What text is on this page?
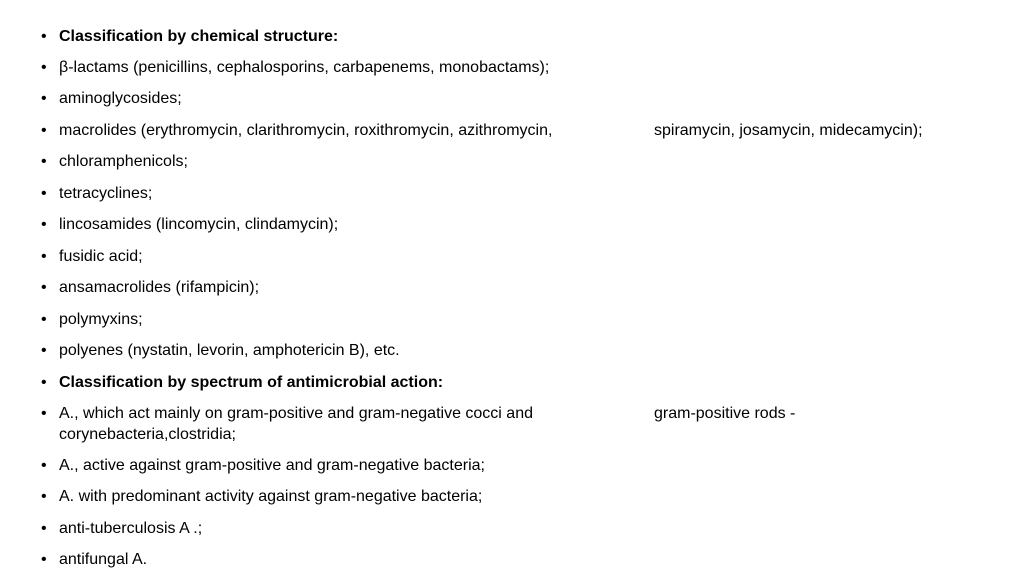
• Classification by chemical structure:
• β-lactams (penicillins, cephalosporins, carbapenems, monobactams);
• aminoglycosides;
• macrolides (erythromycin, clarithromycin, roxithromycin, azithromycin,	spiramycin, josamycin, midecamycin);
• chloramphenicols;
• tetracyclines;
• lincosamides (lincomycin, clindamycin);
• fusidic acid;
• ansamacrolides (rifampicin);
• polymyxins;
• polyenes (nystatin, levorin, amphotericin B), etc.
• Classification by spectrum of antimicrobial action:
• A., which act mainly on gram-positive and gram-negative cocci and	gram-positive rods -
corynebacteria,clostridia;
• A., active against gram-positive and gram-negative bacteria;
• A. with predominant activity against gram-negative bacteria;
• anti-tuberculosis A .;
• antifungal A.
